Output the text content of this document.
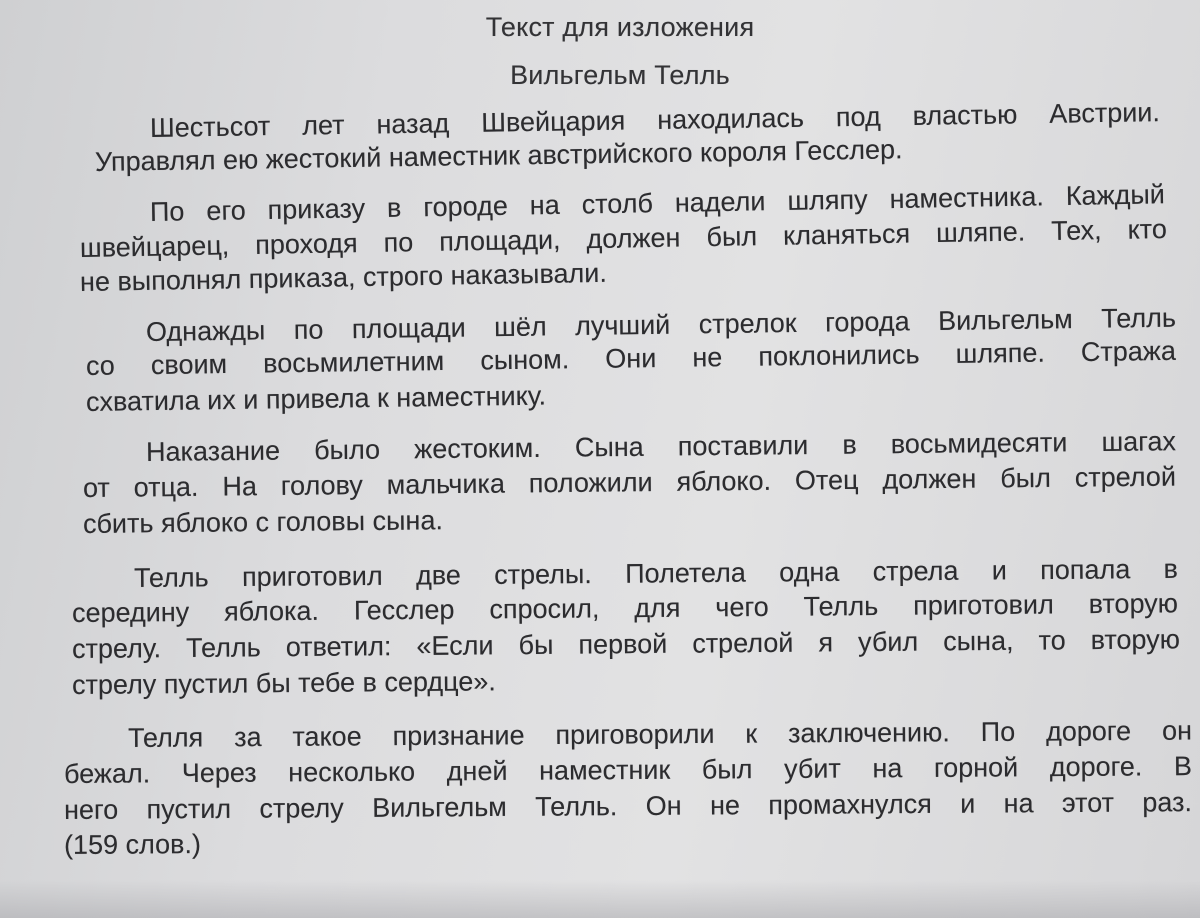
Текст для изложения
Вильгельм Телль
Шестьсот лет назад Швейцария находилась под властью Австрии.
Управлял ею жестокий наместник австрийского короля Гесслер.
По его приказу в городе на столб надели шляпу наместника. Каждый
швейцарец, проходя по площади, должен был кланяться шляпе. Тех, кто
не выполнял приказа, строго наказывали.
Однажды по площади шёл лучший стрелок города Вильгельм Телль
со своим восьмилетним сыном. Они не поклонились шляпе. Стража
схватила их и привела к наместнику.
Наказание было жестоким. Сына поставили в восьмидесяти шагах
от отца. На голову мальчика положили яблоко. Отец должен был стрелой
сбить яблоко с головы сына.
Телль приготовил две стрелы. Полетела одна стрела и попала в
середину яблока. Гесслер спросил, для чего Телль приготовил вторую
стрелу. Телль ответил: «Если бы первой стрелой я убил сына, то вторую
стрелу пустил бы тебе в сердце».
Телля за такое признание приговорили к заключению. По дороге он
бежал. Через несколько дней наместник был убит на горной дороге. В
него пустил стрелу Вильгельм Телль. Он не промахнулся и на этот раз.
(159 слов.)
